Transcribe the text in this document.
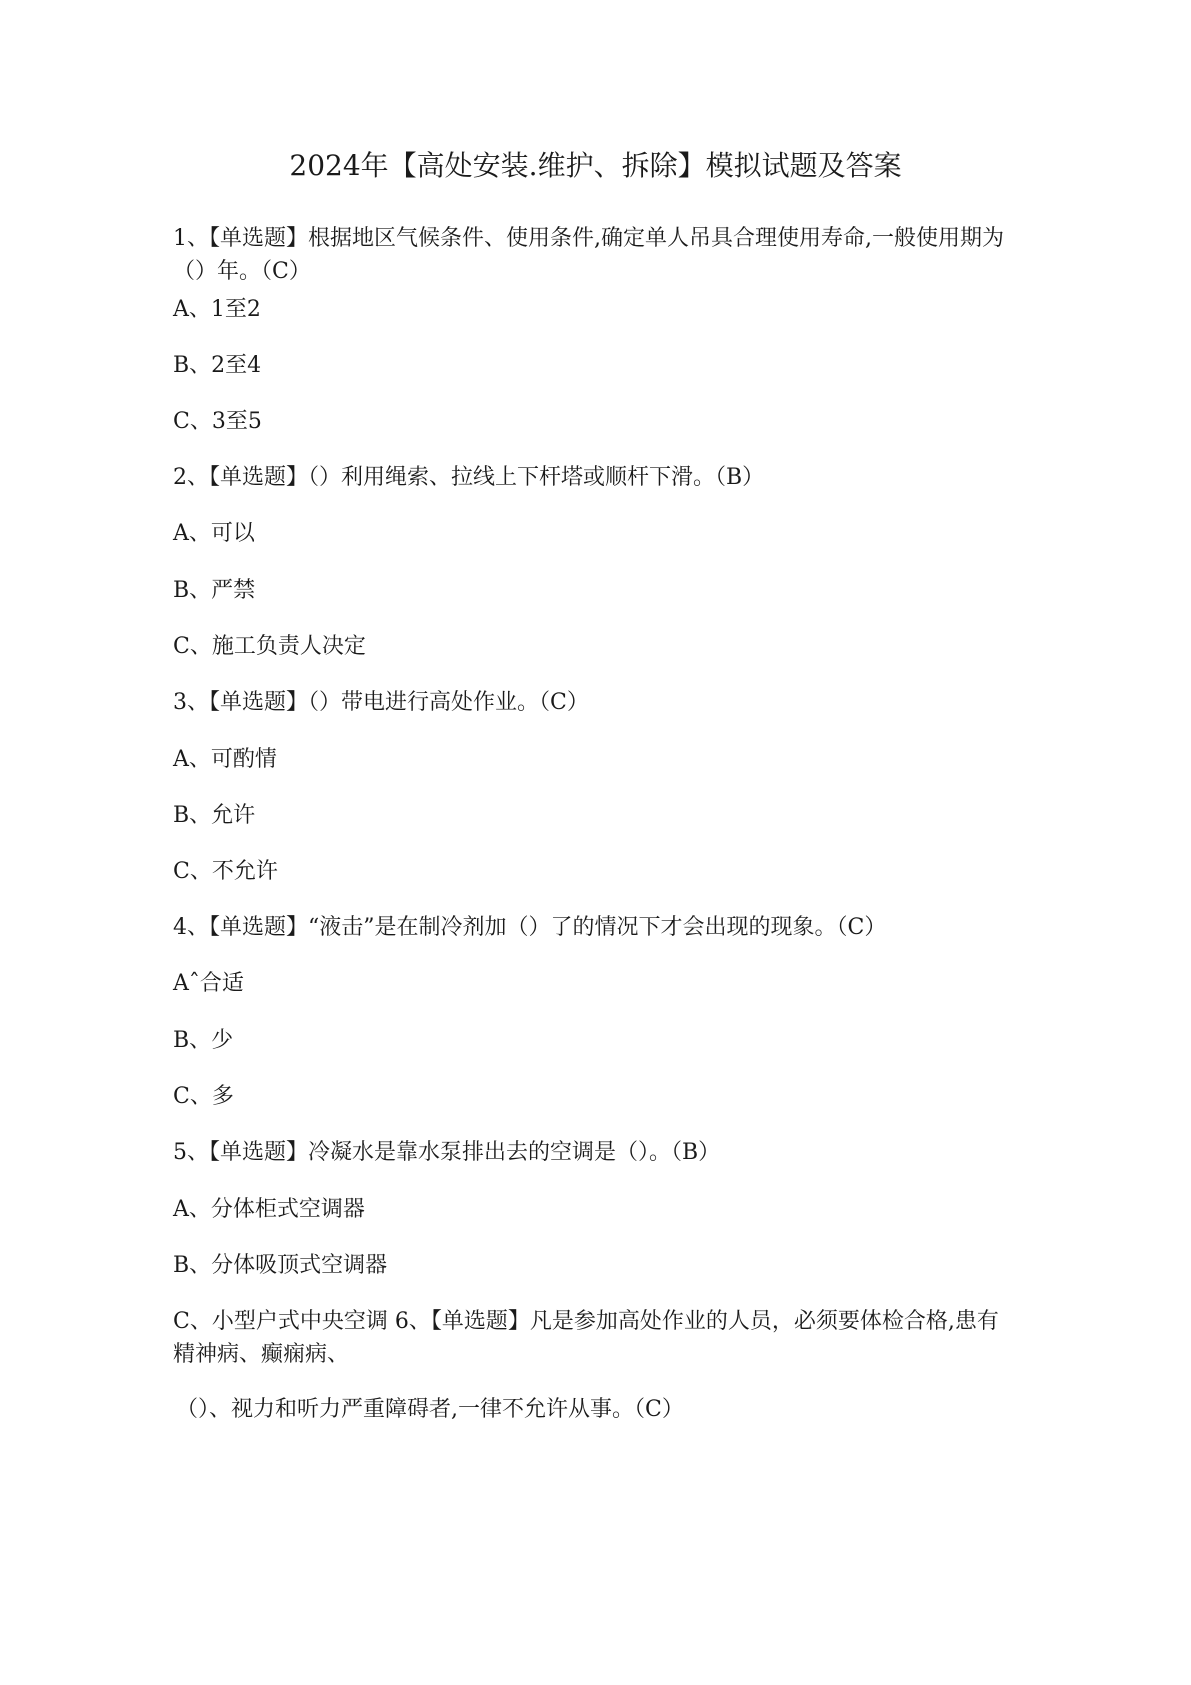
2024年【高处安装.维护、拆除】模拟试题及答案
1、【单选题】根据地区气候条件、使用条件,确定单人吊具合理使用寿命,一般使用期为（）年。（C）
A、1至2
B、2至4
C、3至5
2、【单选题】（）利用绳索、拉线上下杆塔或顺杆下滑。（B）
A、可以
B、严禁
C、施工负责人决定
3、【单选题】（）带电进行高处作业。（C）
A、可酌情
B、允许
C、不允许
4、【单选题】“液击”是在制冷剂加（）了的情况下才会出现的现象。（C）
Aˆ合适
B、少
C、多
5、【单选题】冷凝水是靠水泵排出去的空调是（）。（B）
A、分体柜式空调器
B、分体吸顶式空调器
C、小型户式中央空调 6、【单选题】凡是参加高处作业的人员，必须要体检合格,患有精神病、癫痫病、
（）、视力和听力严重障碍者,一律不允许从事。（C）
